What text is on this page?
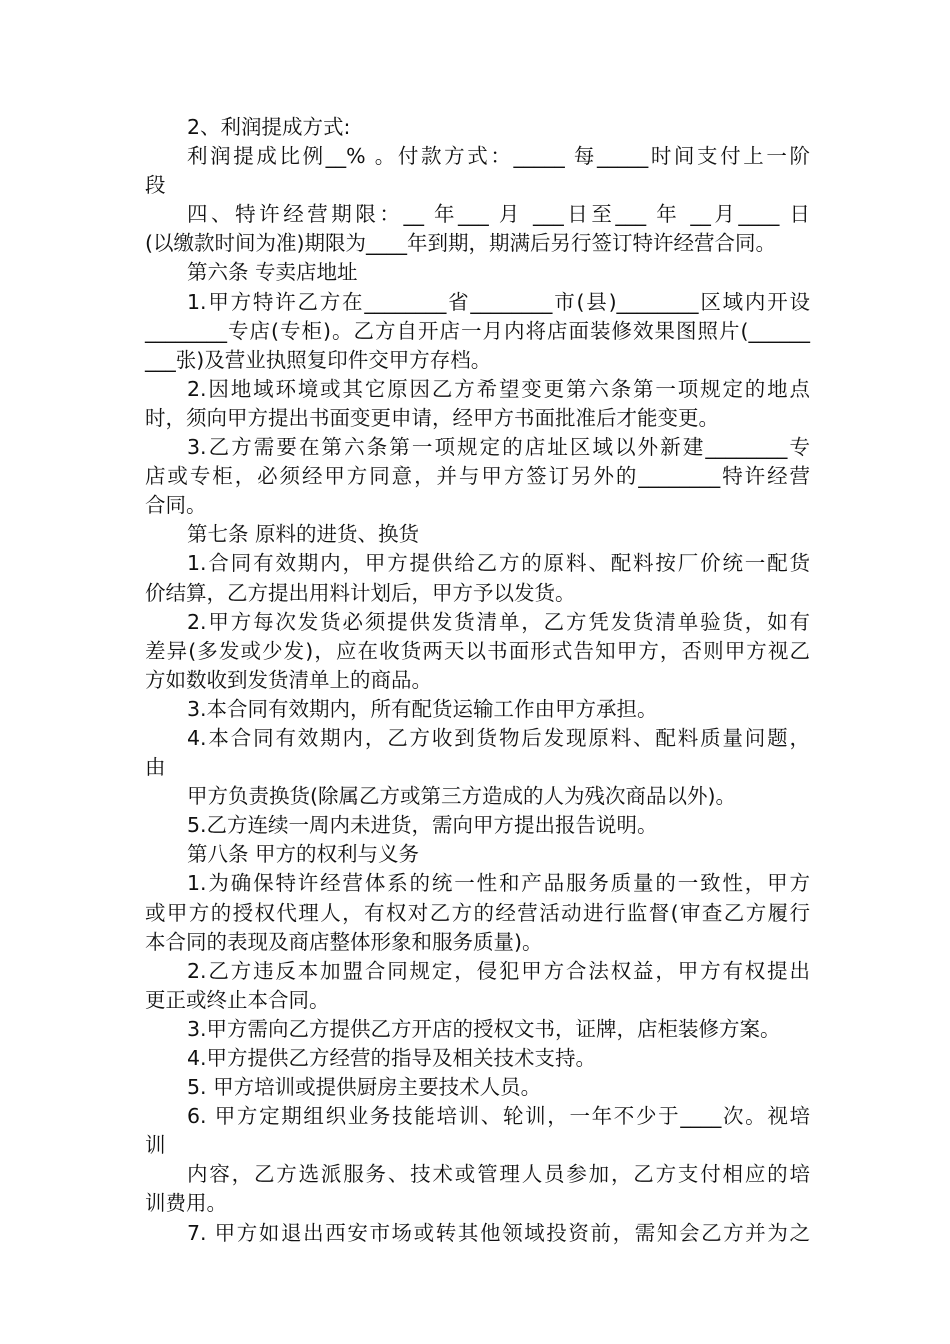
2、利润提成方式:

利润提成比例__% 。付款方式：_____ 每_____时间支付上一阶

段

四、特许经营期限：__ 年___ 月 ___日至___ 年 __月____ 日

(以缴款时间为准)期限为____年到期，期满后另行签订特许经营合同。

第六条 专卖店地址

1.甲方特许乙方在________省________市(县)________区域内开设

________专店(专柜)。乙方自开店一月内将店面装修效果图照片(______

___张)及营业执照复印件交甲方存档。

2.因地域环境或其它原因乙方希望变更第六条第一项规定的地点

时，须向甲方提出书面变更申请，经甲方书面批准后才能变更。

3.乙方需要在第六条第一项规定的店址区域以外新建________专

店或专柜，必须经甲方同意，并与甲方签订另外的________特许经营

合同。

第七条 原料的进货、换货

1.合同有效期内，甲方提供给乙方的原料、配料按厂价统一配货

价结算，乙方提出用料计划后，甲方予以发货。

2.甲方每次发货必须提供发货清单，乙方凭发货清单验货，如有

差异(多发或少发)，应在收货两天以书面形式告知甲方，否则甲方视乙

方如数收到发货清单上的商品。

3.本合同有效期内，所有配货运输工作由甲方承担。

4.本合同有效期内，乙方收到货物后发现原料、配料质量问题，

由

甲方负责换货(除属乙方或第三方造成的人为残次商品以外)。

5.乙方连续一周内未进货，需向甲方提出报告说明。

第八条 甲方的权利与义务

1.为确保特许经营体系的统一性和产品服务质量的一致性，甲方

或甲方的授权代理人，有权对乙方的经营活动进行监督(审查乙方履行

本合同的表现及商店整体形象和服务质量)。

2.乙方违反本加盟合同规定，侵犯甲方合法权益，甲方有权提出

更正或终止本合同。

3.甲方需向乙方提供乙方开店的授权文书，证牌，店柜装修方案。

4.甲方提供乙方经营的指导及相关技术支持。

5. 甲方培训或提供厨房主要技术人员。

6. 甲方定期组织业务技能培训、轮训，一年不少于____次。视培

训

内容，乙方选派服务、技术或管理人员参加，乙方支付相应的培

训费用。

7. 甲方如退出西安市场或转其他领域投资前，需知会乙方并为之
